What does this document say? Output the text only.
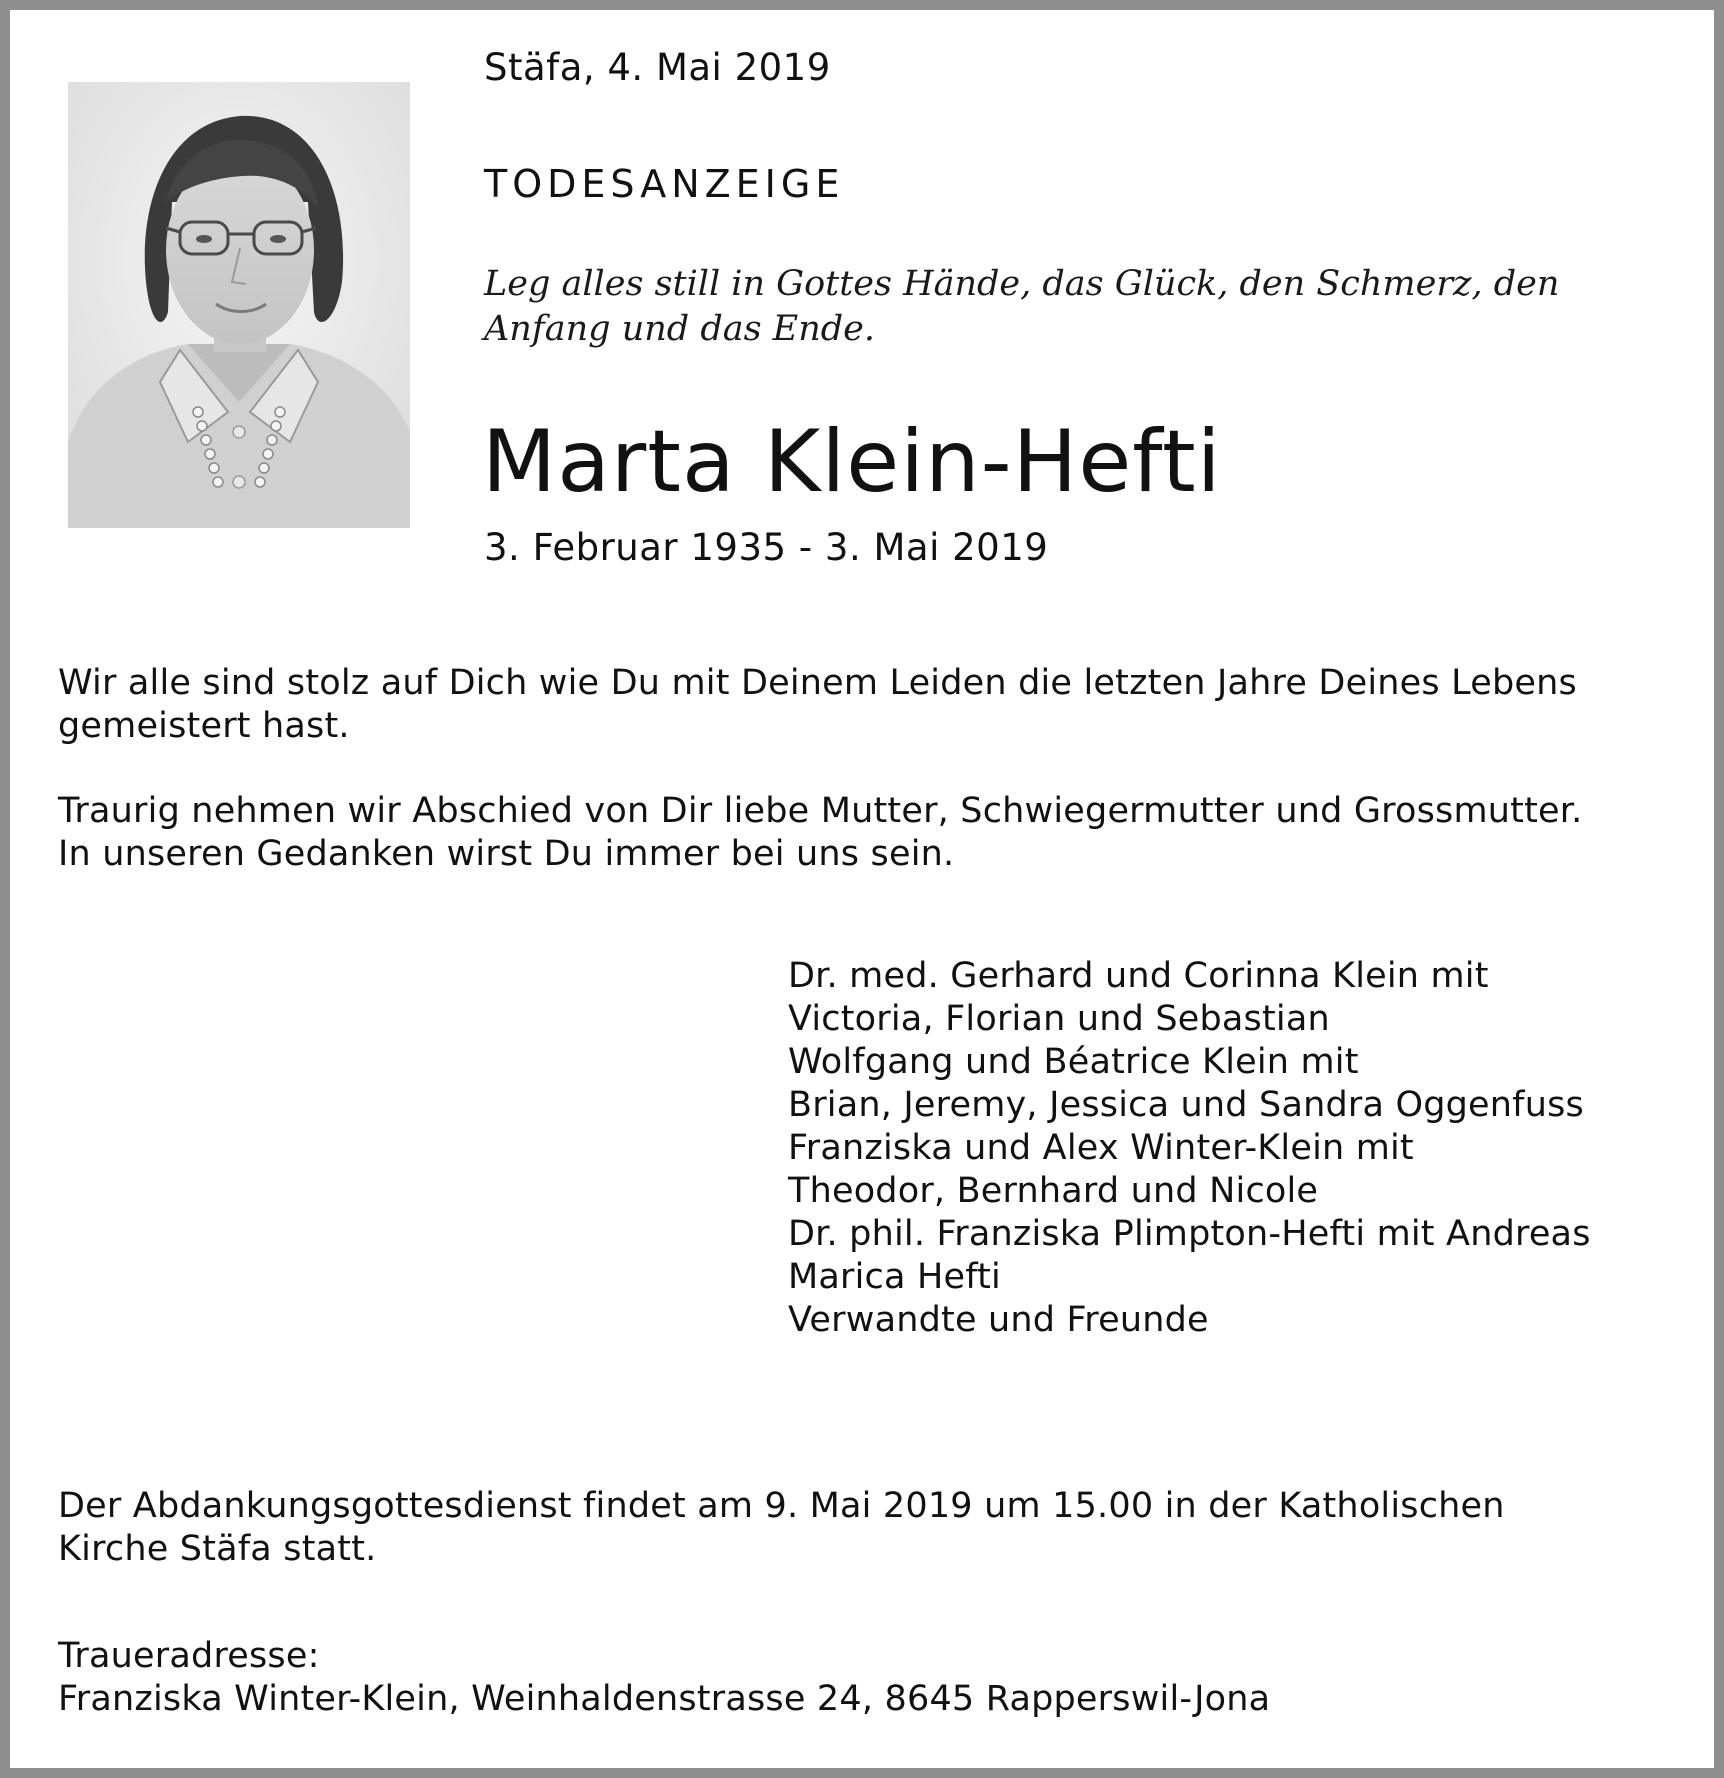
Stäfa, 4. Mai 2019
TODESANZEIGE
Leg alles still in Gottes Hände, das Glück, den Schmerz, den
Anfang und das Ende.
Marta Klein-Hefti
3. Februar 1935 - 3. Mai 2019
Wir alle sind stolz auf Dich wie Du mit Deinem Leiden die letzten Jahre Deines Lebens
gemeistert hast.
Traurig nehmen wir Abschied von Dir liebe Mutter, Schwiegermutter und Grossmutter.
In unseren Gedanken wirst Du immer bei uns sein.
Dr. med. Gerhard und Corinna Klein mit
Victoria, Florian und Sebastian
Wolfgang und Béatrice Klein mit
Brian, Jeremy, Jessica und Sandra Oggenfuss
Franziska und Alex Winter-Klein mit
Theodor, Bernhard und Nicole
Dr. phil. Franziska Plimpton-Hefti mit Andreas
Marica Hefti
Verwandte und Freunde
Der Abdankungsgottesdienst findet am 9. Mai 2019 um 15.00 in der Katholischen
Kirche Stäfa statt.
Traueradresse:
Franziska Winter-Klein, Weinhaldenstrasse 24, 8645 Rapperswil-Jona
